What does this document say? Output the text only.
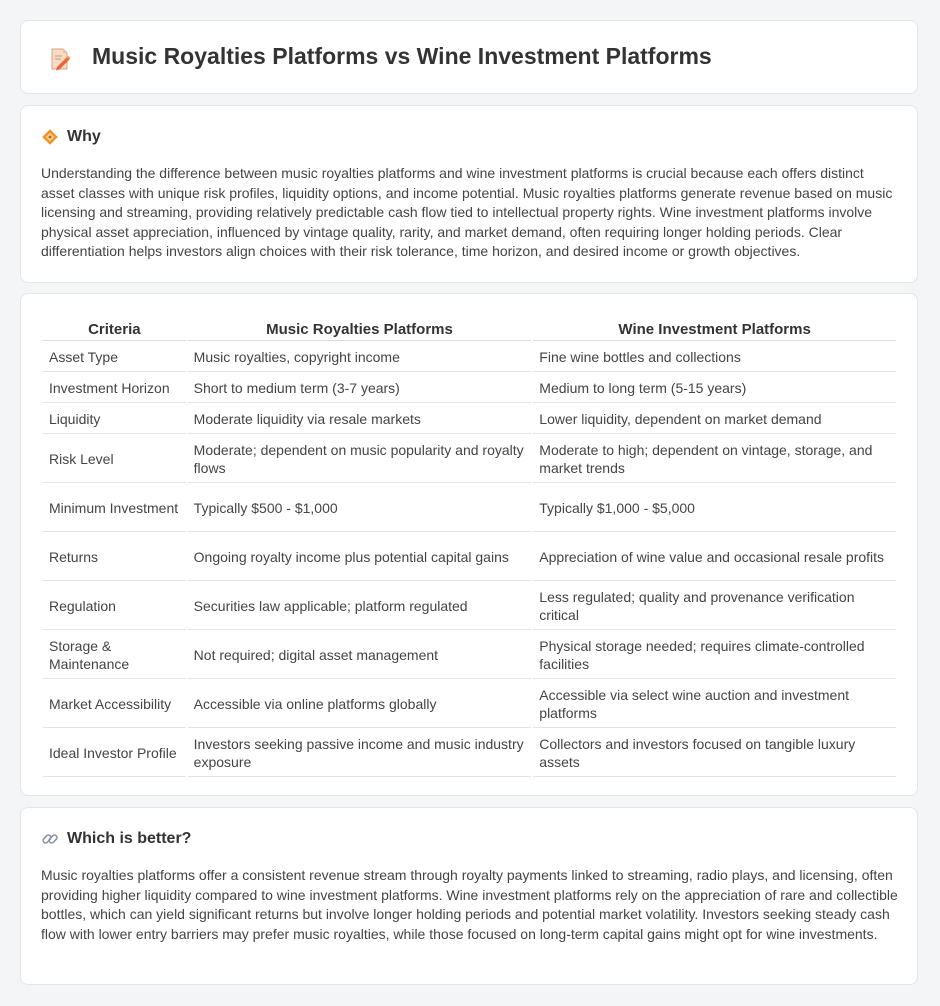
Music Royalties Platforms vs Wine Investment Platforms
Why

Understanding the difference between music royalties platforms and wine investment platforms is crucial because each offers distinct asset classes with unique risk profiles, liquidity options, and income potential. Music royalties platforms generate revenue based on music licensing and streaming, providing relatively predictable cash flow tied to intellectual property rights. Wine investment platforms involve physical asset appreciation, influenced by vintage quality, rarity, and market demand, often requiring longer holding periods. Clear differentiation helps investors align choices with their risk tolerance, time horizon, and desired income or growth objectives.

Criteria	Music Royalties Platforms	Wine Investment Platforms
Asset Type	Music royalties, copyright income	Fine wine bottles and collections
Investment Horizon	Short to medium term (3-7 years)	Medium to long term (5-15 years)
Liquidity	Moderate liquidity via resale markets	Lower liquidity, dependent on market demand
Risk Level	Moderate; dependent on music popularity and royalty flows	Moderate to high; dependent on vintage, storage, and market trends
Minimum Investment	Typically $500 - $1,000	Typically $1,000 - $5,000
Returns	Ongoing royalty income plus potential capital gains	Appreciation of wine value and occasional resale profits
Regulation	Securities law applicable; platform regulated	Less regulated; quality and provenance verification critical
Storage & Maintenance	Not required; digital asset management	Physical storage needed; requires climate-controlled facilities
Market Accessibility	Accessible via online platforms globally	Accessible via select wine auction and investment platforms
Ideal Investor Profile	Investors seeking passive income and music industry exposure	Collectors and investors focused on tangible luxury assets
Which is better?

Music royalties platforms offer a consistent revenue stream through royalty payments linked to streaming, radio plays, and licensing, often providing higher liquidity compared to wine investment platforms. Wine investment platforms rely on the appreciation of rare and collectible bottles, which can yield significant returns but involve longer holding periods and potential market volatility. Investors seeking steady cash flow with lower entry barriers may prefer music royalties, while those focused on long-term capital gains might opt for wine investments.
